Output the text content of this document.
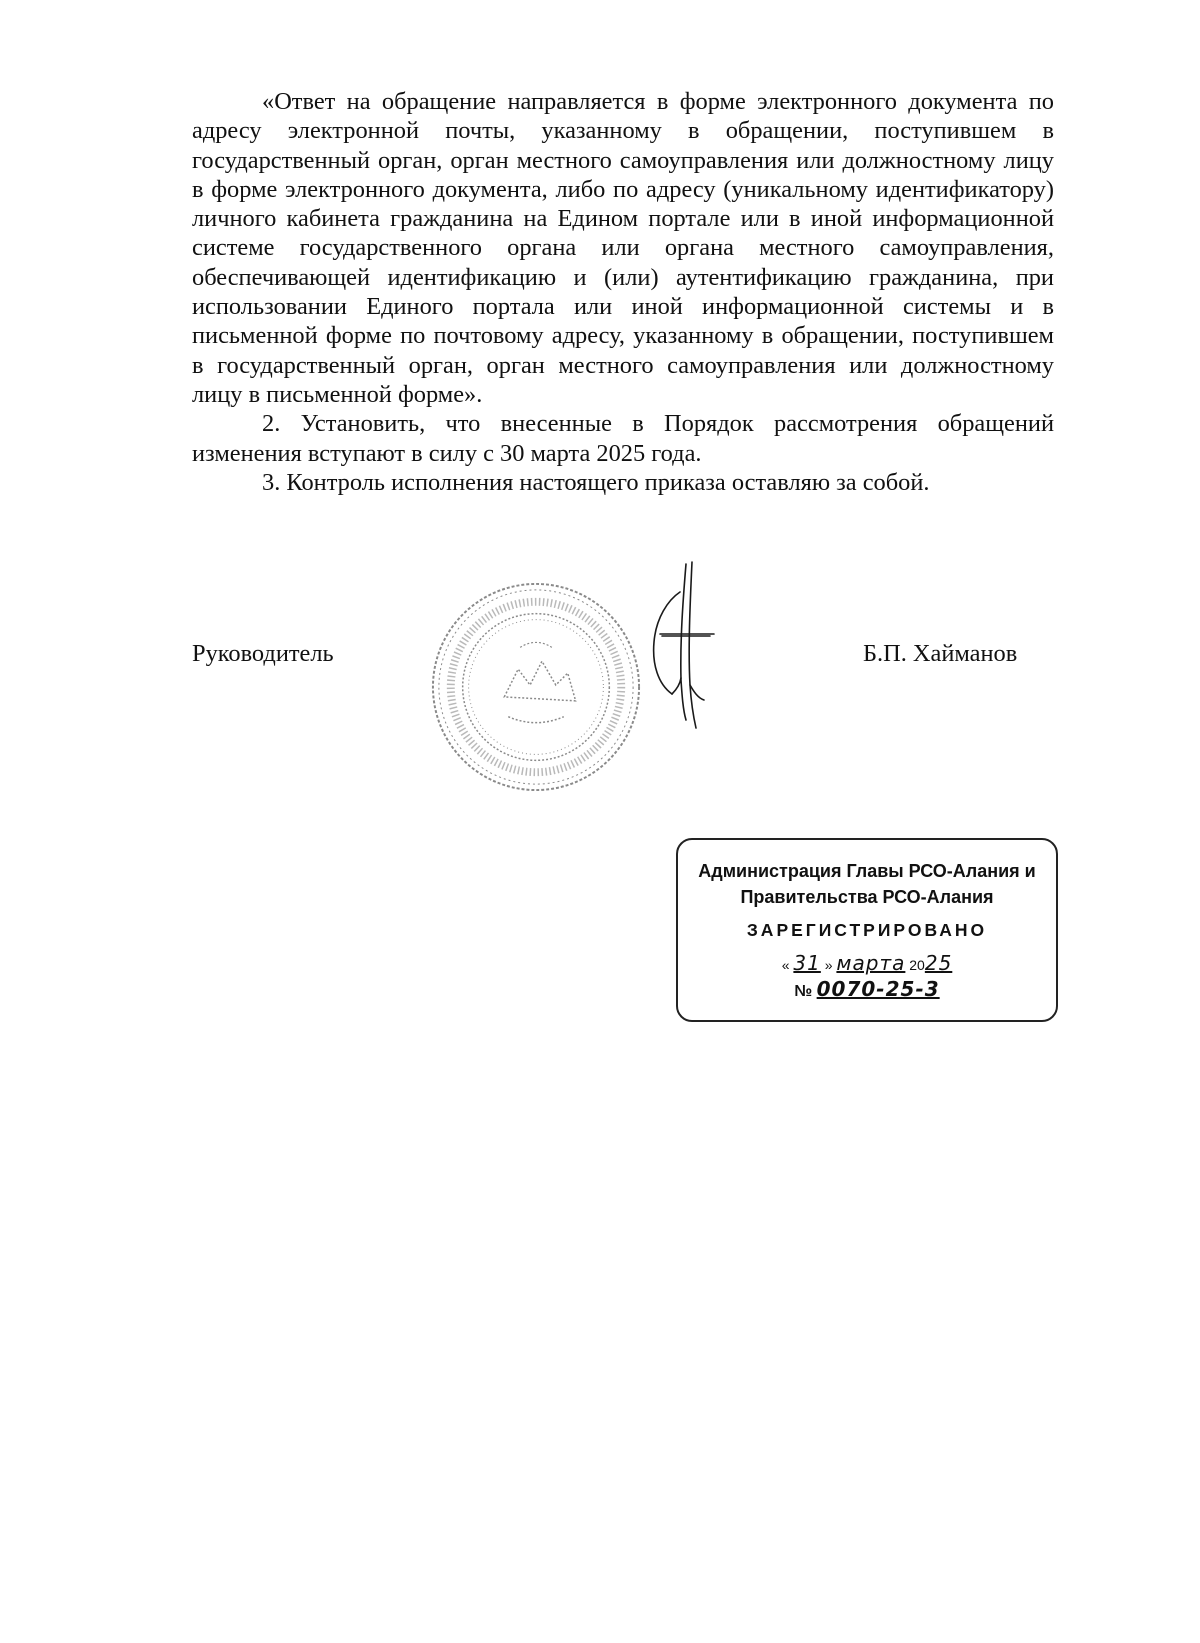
«Ответ на обращение направляется в форме электронного документа по адресу электронной почты, указанному в обращении, поступившем в государственный орган, орган местного самоуправления или должностному лицу в форме электронного документа, либо по адресу (уникальному идентификатору) личного кабинета гражданина на Едином портале или в иной информационной системе государственного органа или органа местного самоуправления, обеспечивающей идентификацию и (или) аутентификацию гражданина, при использовании Единого портала или иной информационной системы и в письменной форме по почтовому адресу, указанному в обращении, поступившем в государственный орган, орган местного самоуправления или должностному лицу в письменной форме».

2. Установить, что внесенные в Порядок рассмотрения обращений изменения вступают в силу с 30 марта 2025 года.

3. Контроль исполнения настоящего приказа оставляю за собой.

Руководитель	Б.П. Хайманов
Администрация Главы РСО-Алания и
Правительства РСО-Алания
ЗАРЕГИСТРИРОВАНО
« 31 » марта 2025
№ 0070-25-3
